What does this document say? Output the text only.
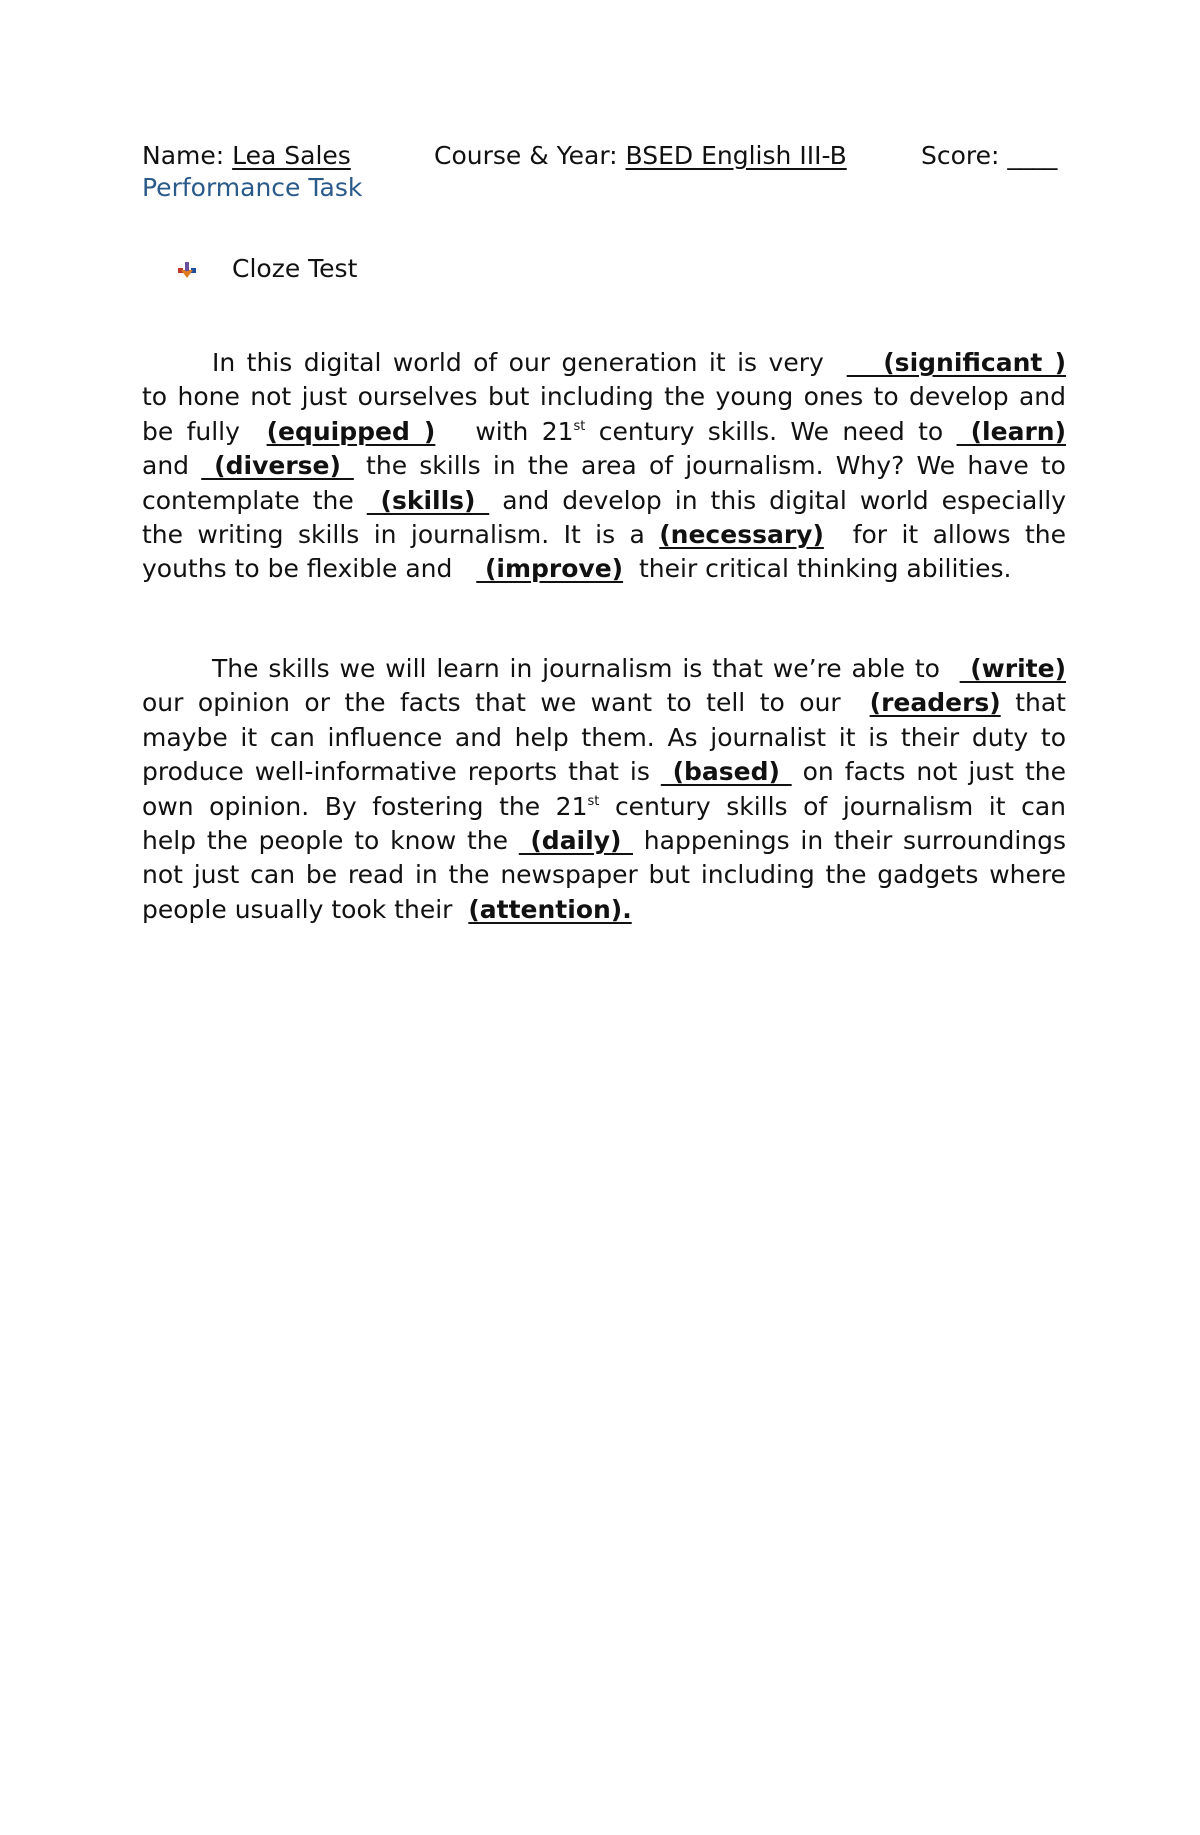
Name: Lea Sales	Course & Year: BSED English III-B	Score: ____
Performance Task
Cloze Test
In this digital world of our generation it is very     (significant )
to hone not just ourselves but including the young ones to develop and
be fully (equipped ) with 21st century skills. We need to  (learn)
and  (diverse)  the skills in the area of journalism. Why? We have to
contemplate the  (skills)  and develop in this digital world especially
the writing skills in journalism. It is a (necessary) for it allows the
youths to be flexible and    (improve) their critical thinking abilities.
The skills we will learn in journalism is that we’re able to   (write)
our opinion or the facts that we want to tell to our (readers) that
maybe it can influence and help them. As journalist it is their duty to
produce well-informative reports that is  (based)  on facts not just the
own opinion. By fostering the 21st century skills of journalism it can
help the people to know the  (daily)  happenings in their surroundings
not just can be read in the newspaper but including the gadgets where
people usually took their (attention).
